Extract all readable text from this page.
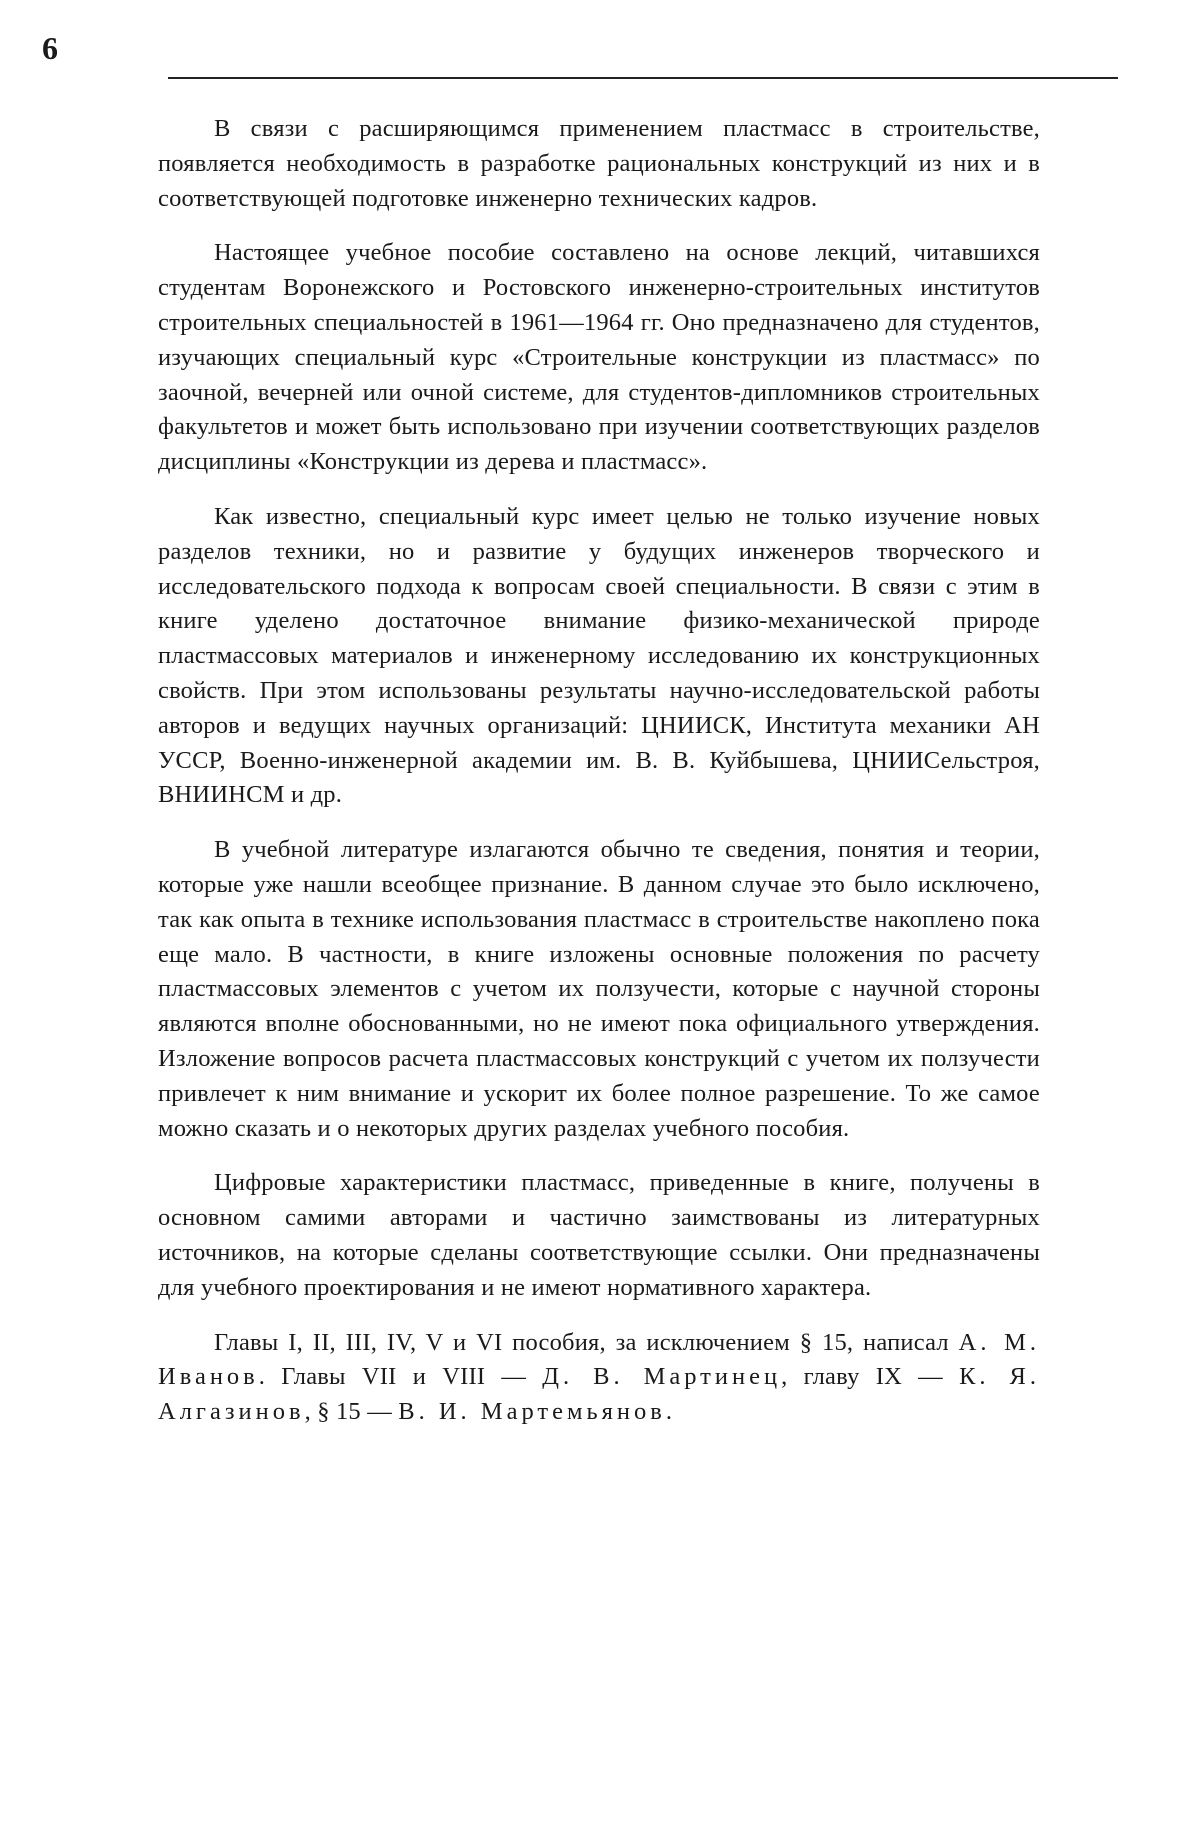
6

В связи с расширяющимся применением пластмасс в строительстве, появляется необходимость в разработке рациональных конструкций из них и в соответствующей подготовке инженерно технических кадров.

Настоящее учебное пособие составлено на основе лекций, читавшихся студентам Воронежского и Ростовского инженерно-строительных институтов строительных специальностей в 1961—1964 гг. Оно предназначено для студентов, изучающих специальный курс «Строительные конструкции из пластмасс» по заочной, вечерней или очной системе, для студентов-дипломников строительных факультетов и может быть использовано при изучении соответствующих разделов дисциплины «Конструкции из дерева и пластмасс».

Как известно, специальный курс имеет целью не только изучение новых разделов техники, но и развитие у будущих инженеров творческого и исследовательского подхода к вопросам своей специальности. В связи с этим в книге уделено достаточное внимание физико-механической природе пластмассовых материалов и инженерному исследованию их конструкционных свойств. При этом использованы результаты научно-исследовательской работы авторов и ведущих научных организаций: ЦНИИСК, Института механики АН УССР, Военно-инженерной академии им. В. В. Куйбышева, ЦНИИСельстроя, ВНИИНСМ и др.

В учебной литературе излагаются обычно те сведения, понятия и теории, которые уже нашли всеобщее признание. В данном случае это было исключено, так как опыта в технике использования пластмасс в строительстве накоплено пока еще мало. В частности, в книге изложены основные положения по расчету пластмассовых элементов с учетом их ползучести, которые с научной стороны являются вполне обоснованными, но не имеют пока официального утверждения. Изложение вопросов расчета пластмассовых конструкций с учетом их ползучести привлечет к ним внимание и ускорит их более полное разрешение. То же самое можно сказать и о некоторых других разделах учебного пособия.

Цифровые характеристики пластмасс, приведенные в книге, получены в основном самими авторами и частично заимствованы из литературных источников, на которые сделаны соответствующие ссылки. Они предназначены для учебного проектирования и не имеют нормативного характера.

Главы I, II, III, IV, V и VI пособия, за исключением § 15, написал А. М. Иванов. Главы VII и VIII — Д. В. Мартинец, главу IX — К. Я. Алгазинов, § 15 — В. И. Мартемьянов.
